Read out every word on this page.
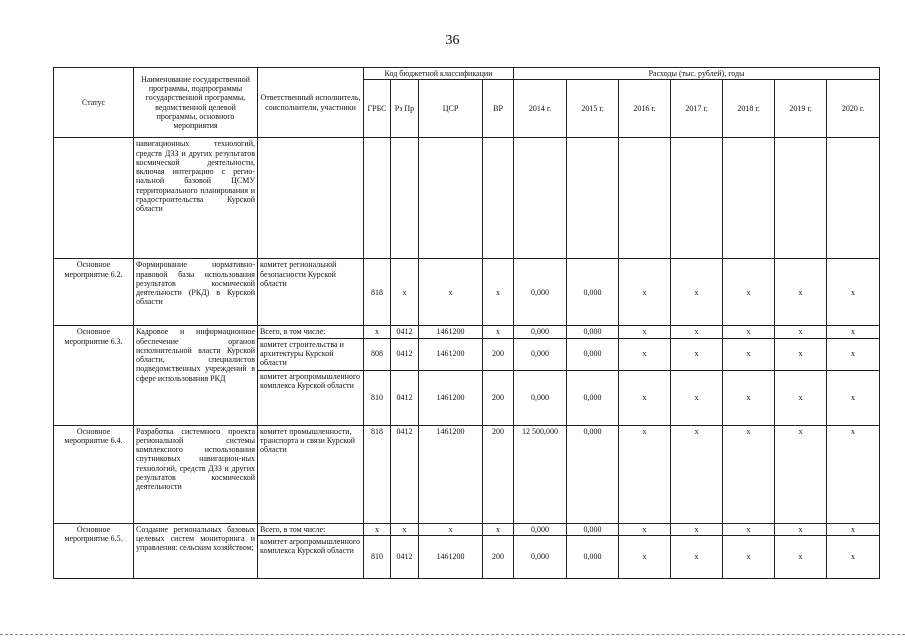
36
Статус	Наименование государственной программы, подпрограммы государственной программы, ведомственной целевой программы, основного мероприятия	Ответственный исполнитель, соисполнители, участники	Код бюджетной классификации				Расходы (тыс. рублей), годы						
			ГРБС	Рз Пр	ЦСР	ВР	2014 г.	2015 г.	2016 г.	2017 г.	2018 г.	2019 г.	2020 г.
	навигационных технологий, средств ДЗЗ и других результатов космической деятельности, включая интеграцию с регио-нальной базовой ЦСМУ территориального планирования и градостроительства Курской области												
Основное мероприятие 6.2.	Формирование нормативно-правовой базы использования результатов космической деятельности (РКД) в Курской области	комитет региональной безопасности Курской области	818	х	х	х	0,000	0,000	х	х	х	х	х
Основное мероприятие 6.3.	Кадровое и информационное обеспечение органов исполнительной власти Курской области, специалистов подведомственных учреждений в сфере использования РКД	Всего, в том числе:	х	0412	1461200	х	0,000	0,000	х	х	х	х	х
		комитет строительства и архитектуры Курской области	808	0412	1461200	200	0,000	0,000	х	х	х	х	х
		комитет агропромышленного комплекса Курской области	810	0412	1461200	200	0,000	0,000	х	х	х	х	х
Основное мероприятие 6.4.	Разработка системного проекта региональной системы комплексного использования спутниковых навигацион-ных технологий, средств ДЗЗ и других результатов космической деятельности	комитет промышленности, транспорта и связи Курской области	818	0412	1461200	200	12 500,000	0,000	х	х	х	х	х
Основное мероприятие 6.5.	Создание региональных базовых целевых систем мониторинга и управления: сельским хозяйством;	Всего, в том числе:	х	х	х	х	0,000	0,000	х	х	х	х	х
		комитет агропромышленного комплекса Курской области	810	0412	1461200	200	0,000	0,000	х	х	х	х	х
